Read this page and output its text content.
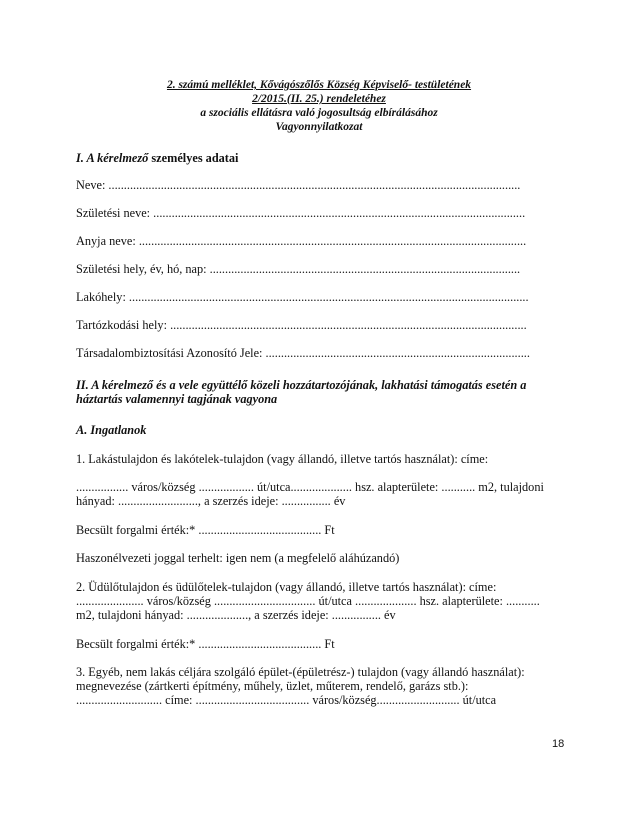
2. számú melléklet, Kővágószőlős Község Képviselő- testületének
2/2015.(II. 25.) rendeletéhez
a szociális ellátásra való jogosultság elbírálásához
Vagyonnyilatkozat
I. A kérelmező személyes adatai
Neve: ......................................................................................................................................
Születési neve: .........................................................................................................................
Anyja neve: ..............................................................................................................................
Születési hely, év, hó, nap: .....................................................................................................
Lakóhely: ..................................................................................................................................
Tartózkodási hely: ....................................................................................................................
Társadalombiztosítási Azonosító Jele: ......................................................................................
II. A kérelmező és a vele együttélő közeli hozzátartozójának, lakhatási támogatás esetén a
háztartás valamennyi tagjának vagyona
A. Ingatlanok
1. Lakástulajdon és lakótelek-tulajdon (vagy állandó, illetve tartós használat): címe:
................. város/község .................. út/utca.................... hsz. alapterülete: ........... m2, tulajdoni
hányad: .........................., a szerzés ideje: ................ év
Becsült forgalmi érték:* ........................................ Ft
Haszonélvezeti joggal terhelt: igen nem (a megfelelő aláhúzandó)
2. Üdülőtulajdon és üdülőtelek-tulajdon (vagy állandó, illetve tartós használat): címe:
...................... város/község ................................. út/utca .................... hsz. alapterülete: ...........
m2, tulajdoni hányad: ...................., a szerzés ideje: ................ év
Becsült forgalmi érték:* ........................................ Ft
3. Egyéb, nem lakás céljára szolgáló épület-(épületrész-) tulajdon (vagy állandó használat):
megnevezése (zártkerti építmény, műhely, üzlet, műterem, rendelő, garázs stb.):
............................ címe: ..................................... város/község........................... út/utca
18
